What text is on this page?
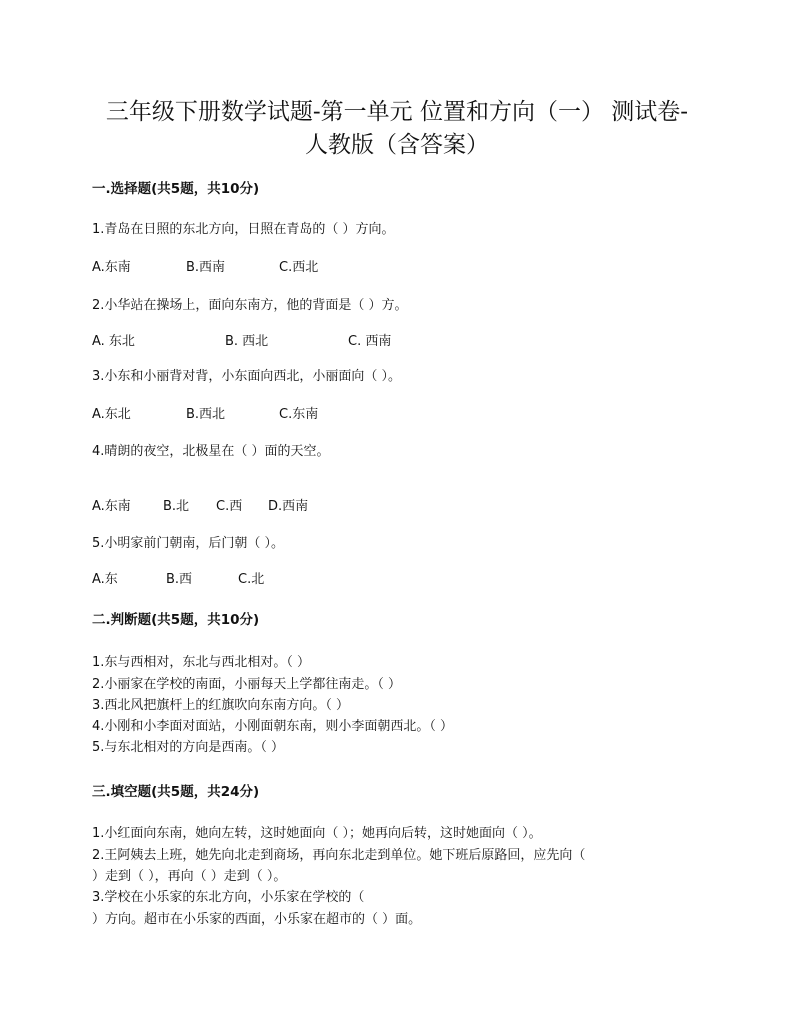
三年级下册数学试题-第一单元 位置和方向（一） 测试卷-
人教版（含答案）
一.选择题(共5题，共10分)
1.青岛在日照的东北方向，日照在青岛的（ ）方向。
A.东南	B.西南	C.西北
2.小华站在操场上，面向东南方，他的背面是（ ）方。
A. 东北	B. 西北	C. 西南
3.小东和小丽背对背，小东面向西北，小丽面向（ ）。
A.东北	B.西北	C.东南
4.晴朗的夜空，北极星在（ ）面的天空。
A.东南 B.北 C.西 D.西南
5.小明家前门朝南，后门朝（ ）。
A.东	B.西	C.北
二.判断题(共5题，共10分)
1.东与西相对，东北与西北相对。（ ）
2.小丽家在学校的南面，小丽每天上学都往南走。（ ）
3.西北风把旗杆上的红旗吹向东南方向。（ ）
4.小刚和小李面对面站，小刚面朝东南，则小李面朝西北。（ ）
5.与东北相对的方向是西南。（ ）
三.填空题(共5题，共24分)
1.小红面向东南，她向左转，这时她面向（ ）；她再向后转，这时她面向（ ）。
2.王阿姨去上班，她先向北走到商场，再向东北走到单位。她下班后原路回，应先向（
）走到（ ），再向（ ）走到（ ）。
3.学校在小乐家的东北方向，小乐家在学校的（
）方向。超市在小乐家的西面，小乐家在超市的（ ）面。
